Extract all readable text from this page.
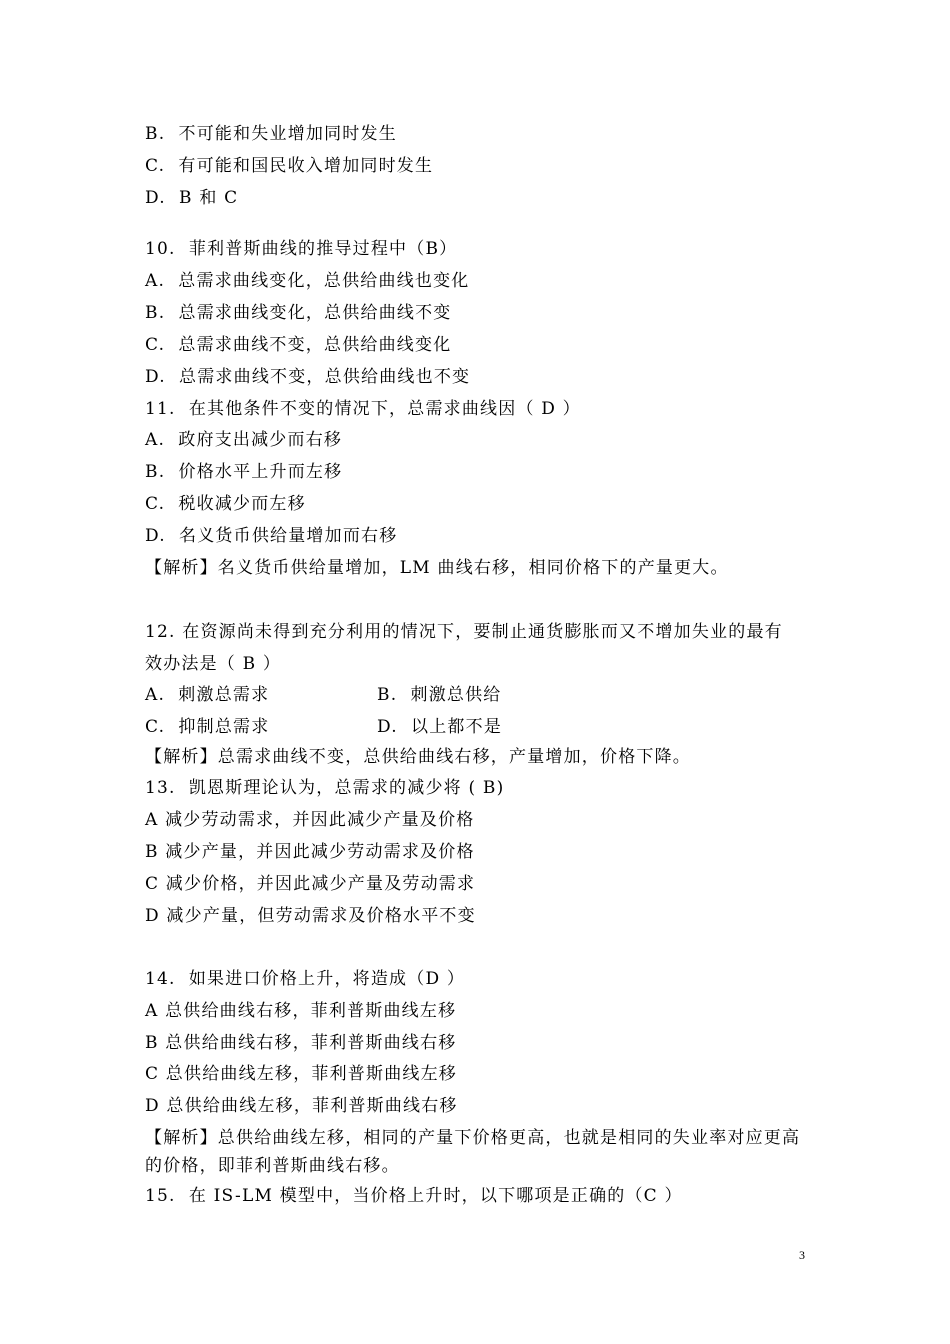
B.  不可能和失业增加同时发生
C.  有可能和国民收入增加同时发生
D.  B 和 C
10.  菲利普斯曲线的推导过程中（B）
A.  总需求曲线变化，总供给曲线也变化
B.  总需求曲线变化，总供给曲线不变
C.  总需求曲线不变，总供给曲线变化
D.  总需求曲线不变，总供给曲线也不变
11.  在其他条件不变的情况下，总需求曲线因（ D ）
A.  政府支出减少而右移
B.  价格水平上升而左移
C.  税收减少而左移
D.  名义货币供给量增加而右移
【解析】名义货币供给量增加，LM 曲线右移，相同价格下的产量更大。
12. 在资源尚未得到充分利用的情况下，要制止通货膨胀而又不增加失业的最有
效办法是（ B ）
A.  刺激总需求	B.  刺激总供给
C.  抑制总需求	D.  以上都不是
【解析】总需求曲线不变，总供给曲线右移，产量增加，价格下降。
13.  凯恩斯理论认为，总需求的减少将 ( B)
A 减少劳动需求，并因此减少产量及价格
B 减少产量，并因此减少劳动需求及价格
C 减少价格，并因此减少产量及劳动需求
D 减少产量，但劳动需求及价格水平不变
14.  如果进口价格上升，将造成（D ）
A 总供给曲线右移，菲利普斯曲线左移
B 总供给曲线右移，菲利普斯曲线右移
C 总供给曲线左移，菲利普斯曲线左移
D 总供给曲线左移，菲利普斯曲线右移
【解析】总供给曲线左移，相同的产量下价格更高，也就是相同的失业率对应更高
的价格，即菲利普斯曲线右移。
15.  在 IS-LM 模型中，当价格上升时，以下哪项是正确的（C ）
3
